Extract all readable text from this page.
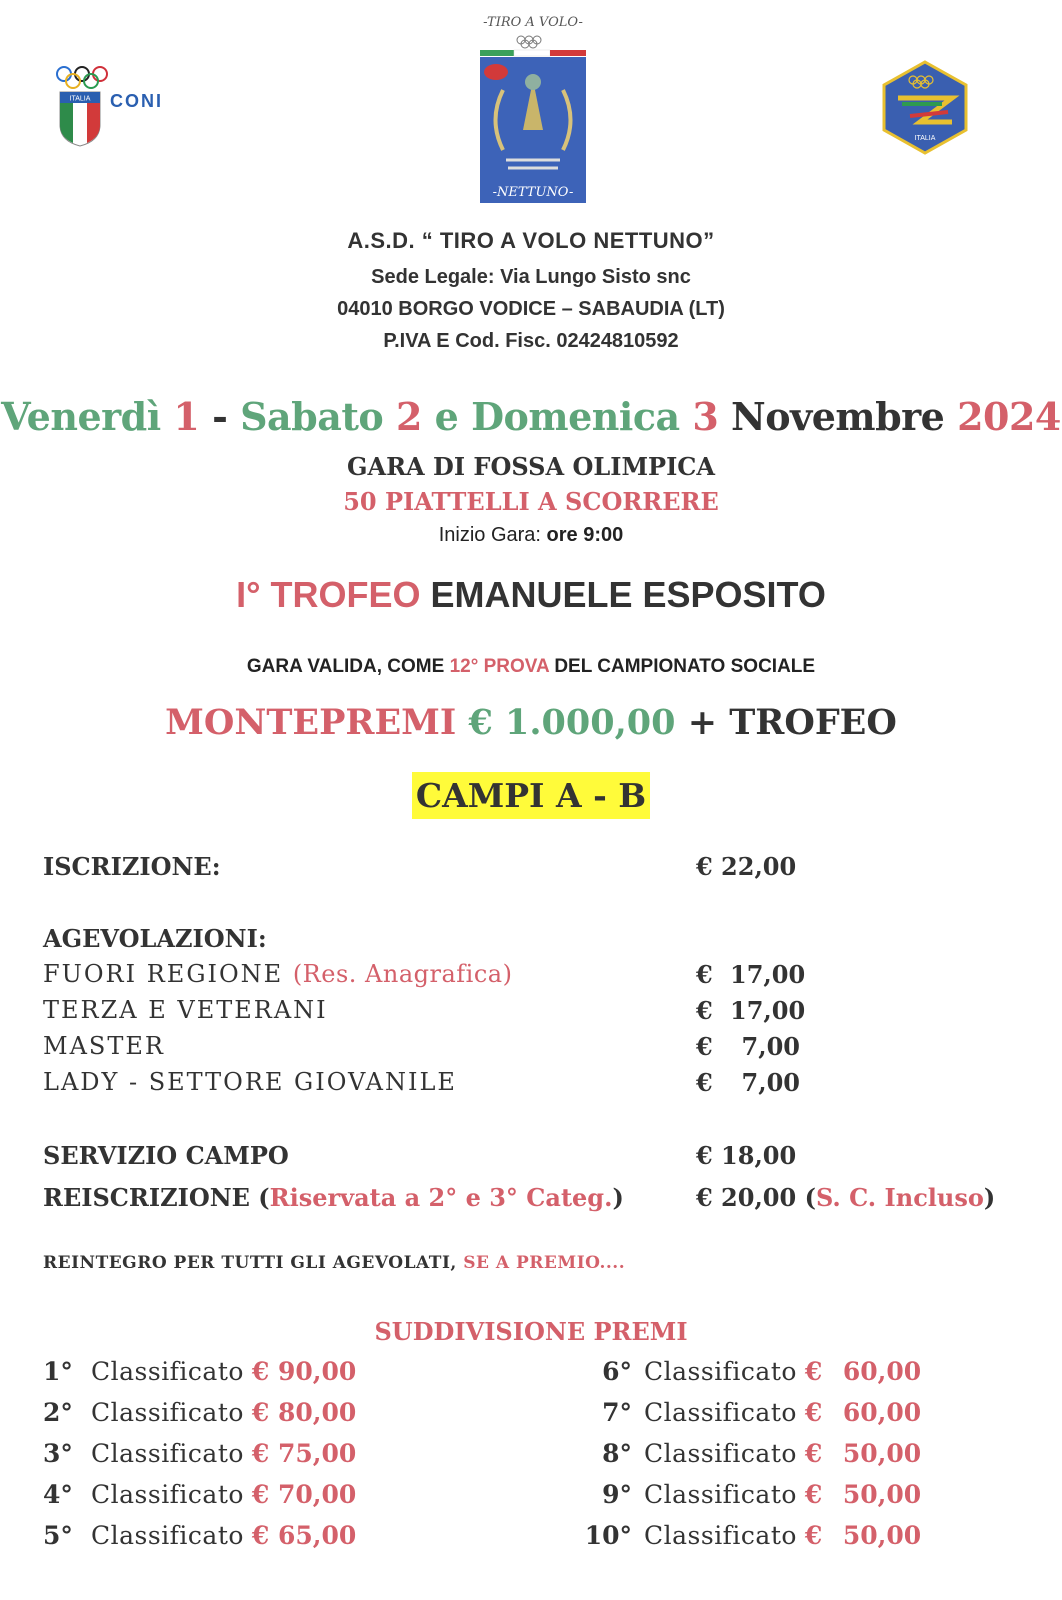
ITALIA CONI
-TIRO A VOLO-
-NETTUNO-
ITALIA
A.S.D. “ TIRO A VOLO NETTUNO”
Sede Legale: Via Lungo Sisto snc
04010 BORGO VODICE – SABAUDIA (LT)
P.IVA E Cod. Fisc. 02424810592
Venerdì 1 - Sabato 2 e Domenica 3 Novembre 2024
GARA DI FOSSA OLIMPICA
50 PIATTELLI A SCORRERE
Inizio Gara: ore 9:00
I° TROFEO EMANUELE ESPOSITO
GARA VALIDA, COME 12° PROVA DEL CAMPIONATO SOCIALE
MONTEPREMI € 1.000,00 + TROFEO
CAMPI A - B
ISCRIZIONE:	€ 22,00
AGEVOLAZIONI:
FUORI REGIONE (Res. Anagrafica)	€ 17,00
TERZA E VETERANI	€ 17,00
MASTER	€ 7,00
LADY - SETTORE GIOVANILE	€ 7,00
SERVIZIO CAMPO	€ 18,00
REISCRIZIONE (Riservata a 2° e 3° Categ.)	€ 20,00 (S. C. Incluso)
REINTEGRO PER TUTTI GLI AGEVOLATI, SE A PREMIO....
SUDDIVISIONE PREMI
1° Classificato € 90,00
2° Classificato € 80,00
3° Classificato € 75,00
4° Classificato € 70,00
5° Classificato € 65,00
6° Classificato € 60,00
7° Classificato € 60,00
8° Classificato € 50,00
9° Classificato € 50,00
10° Classificato € 50,00
